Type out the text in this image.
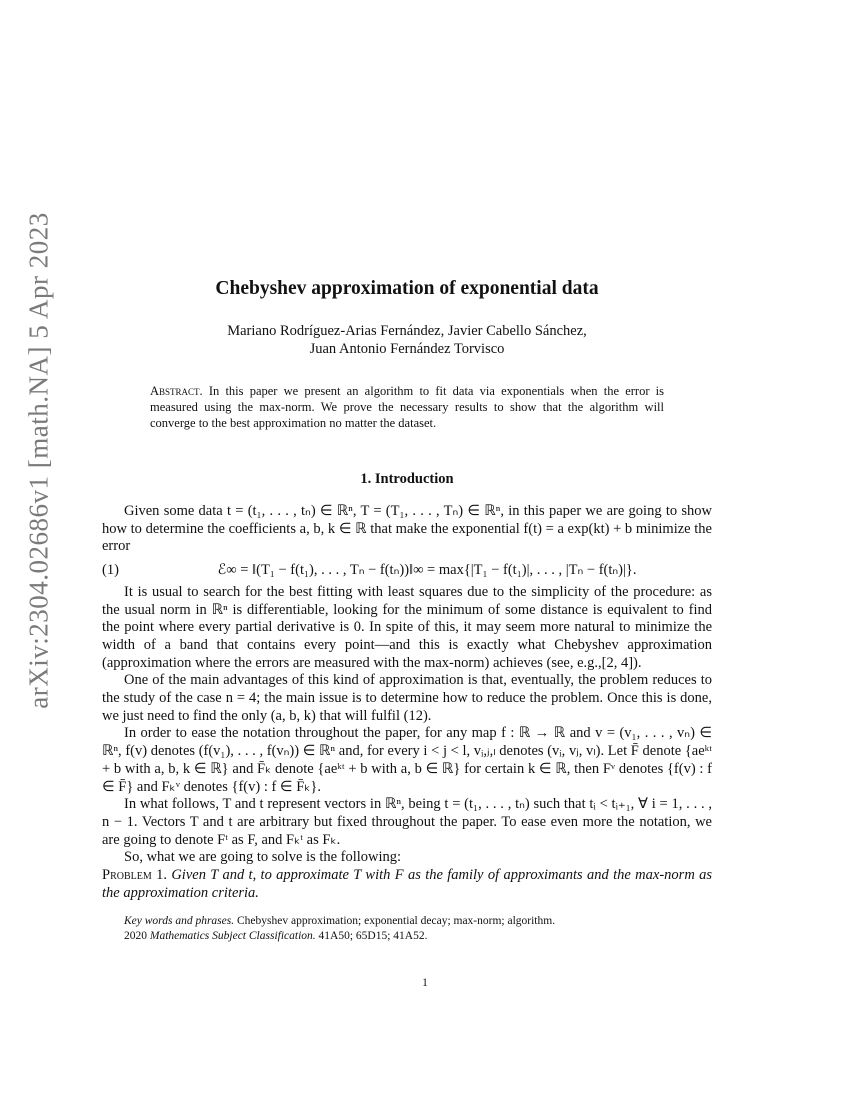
arXiv:2304.02686v1 [math.NA] 5 Apr 2023	Chebyshev approximation of exponential data
Mariano Rodríguez-Arias Fernández, Javier Cabello Sánchez,
Juan Antonio Fernández Torvisco
Abstract. In this paper we present an algorithm to fit data via exponentials when the error is measured using the max-norm. We prove the necessary results to show that the algorithm will converge to the best approximation no matter the dataset.
1. Introduction

Given some data t = (t₁, . . . , tₙ) ∈ ℝⁿ, T = (T₁, . . . , Tₙ) ∈ ℝⁿ, in this paper we are going to show how to determine the coefficients a, b, k ∈ ℝ that make the exponential f(t) = a exp(kt) + b minimize the error

(1)	ℰ∞ = ‖(T₁ − f(t₁), . . . , Tₙ − f(tₙ))‖∞ = max{|T₁ − f(t₁)|, . . . , |Tₙ − f(tₙ)|}.

It is usual to search for the best fitting with least squares due to the simplicity of the procedure: as the usual norm in ℝⁿ is differentiable, looking for the minimum of some distance is equivalent to find the point where every partial derivative is 0. In spite of this, it may seem more natural to minimize the width of a band that contains every point—and this is exactly what Chebyshev approximation (approximation where the errors are measured with the max-norm) achieves (see, e.g.,[2, 4]).

One of the main advantages of this kind of approximation is that, eventually, the problem reduces to the study of the case n = 4; the main issue is to determine how to reduce the problem. Once this is done, we just need to find the only (a, b, k) that will fulfil (12).

In order to ease the notation throughout the paper, for any map f : ℝ → ℝ and v = (v₁, . . . , vₙ) ∈ ℝⁿ, f(v) denotes (f(v₁), . . . , f(vₙ)) ∈ ℝⁿ and, for every i < j < l, vᵢ,ⱼ,ₗ denotes (vᵢ, vⱼ, vₗ). Let F̄ denote {aeᵏᵗ + b with a, b, k ∈ ℝ} and F̄ₖ denote {aeᵏᵗ + b with a, b ∈ ℝ} for certain k ∈ ℝ, then Fᵛ denotes {f(v) : f ∈ F̄} and Fₖᵛ denotes {f(v) : f ∈ F̄ₖ}.

In what follows, T and t represent vectors in ℝⁿ, being t = (t₁, . . . , tₙ) such that tᵢ < tᵢ₊₁, ∀ i = 1, . . . , n − 1. Vectors T and t are arbitrary but fixed throughout the paper. To ease even more the notation, we are going to denote Fᵗ as F, and Fₖᵗ as Fₖ.

So, what we are going to solve is the following:

Problem 1. Given T and t, to approximate T with F as the family of approximants and the max-norm as the approximation criteria.

Key words and phrases. Chebyshev approximation; exponential decay; max-norm; algorithm.
2020 Mathematics Subject Classification. 41A50; 65D15; 41A52.
1
